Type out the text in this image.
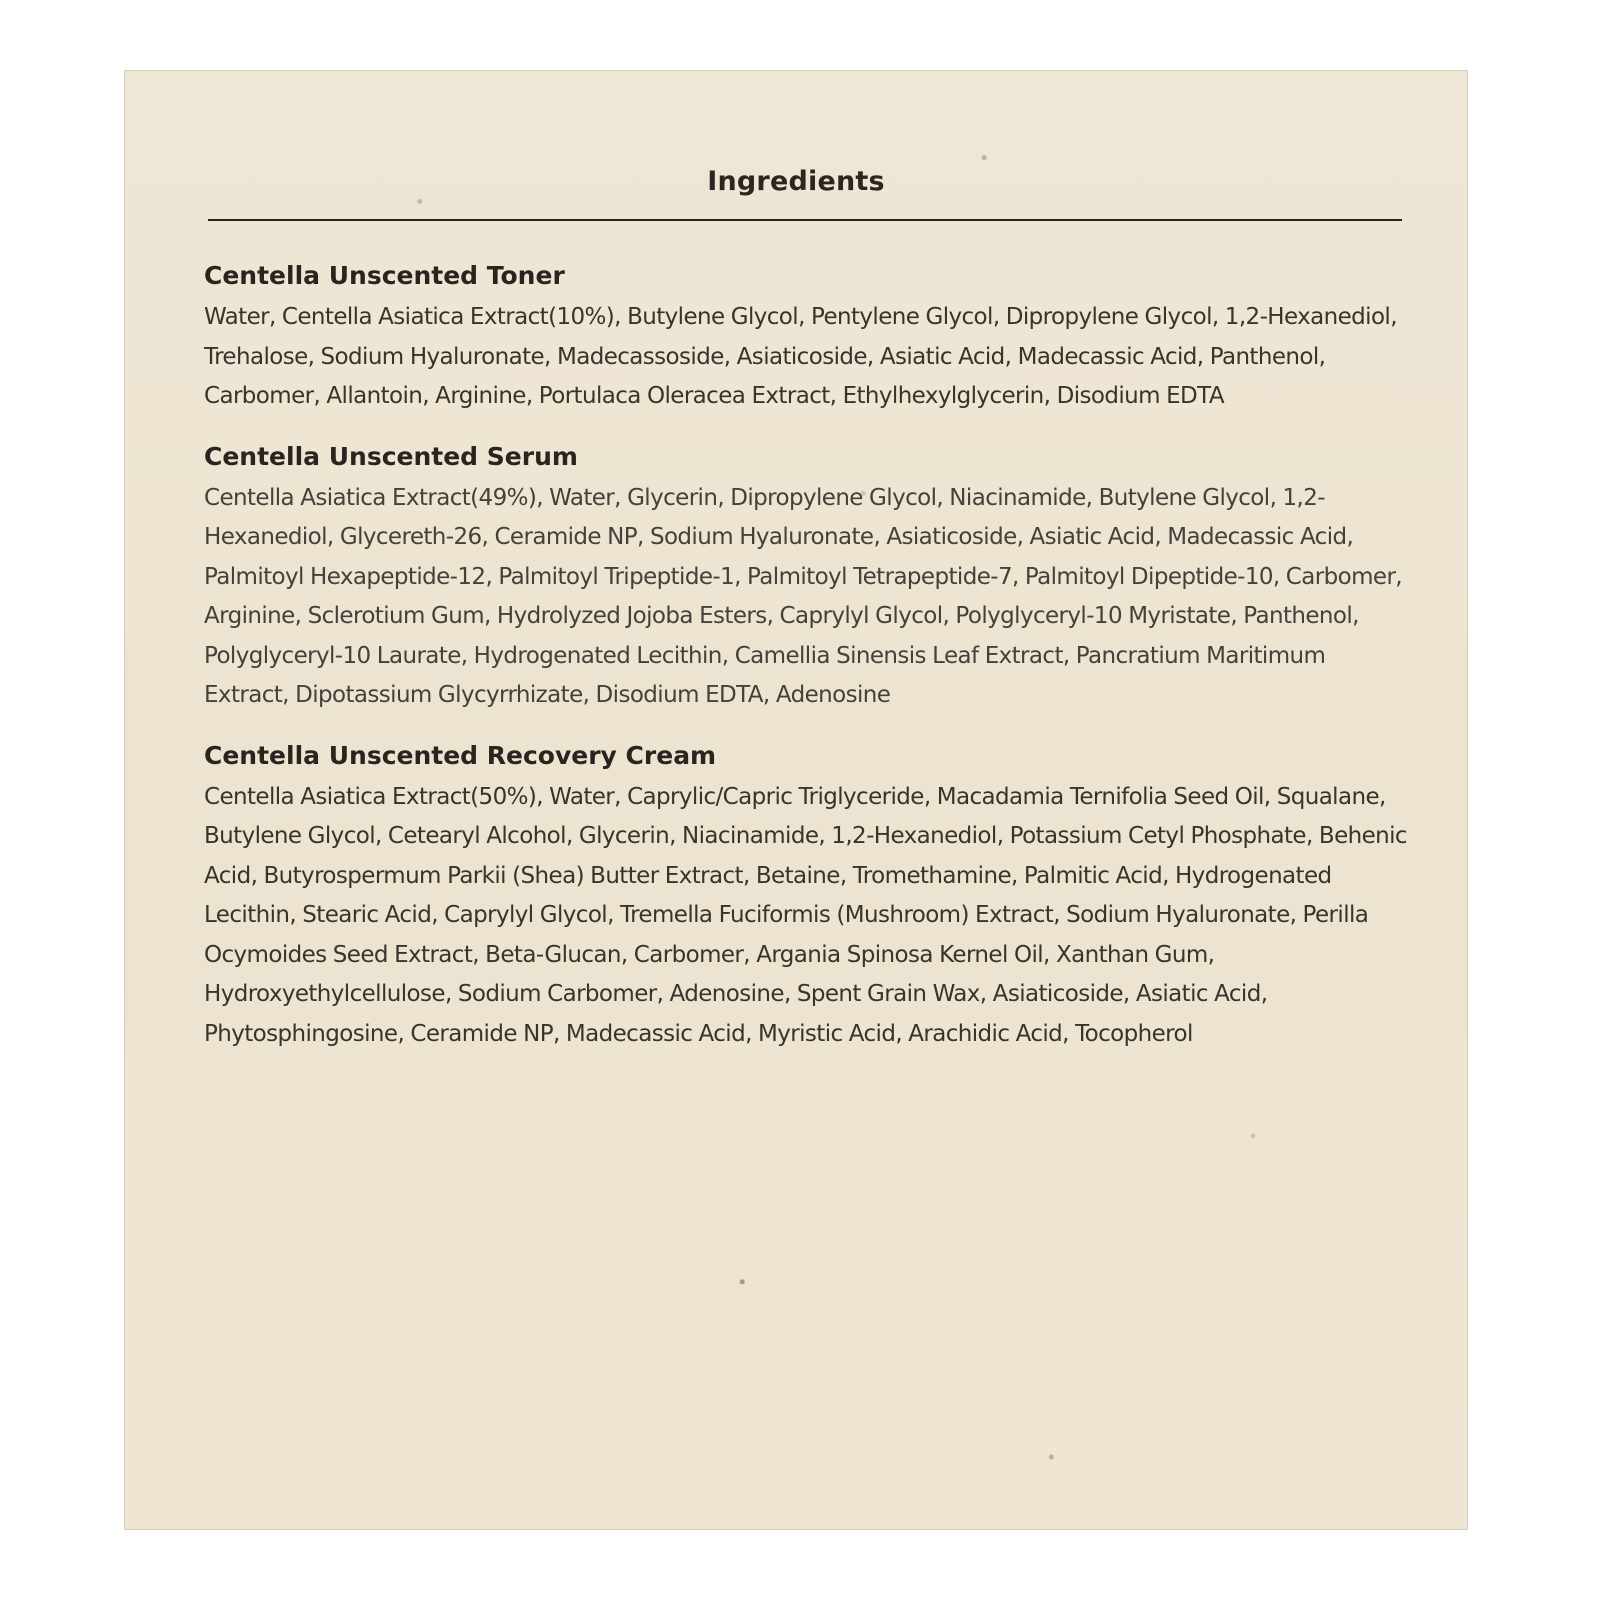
Ingredients
Centella Unscented Toner

Water, Centella Asiatica Extract(10%), Butylene Glycol, Pentylene Glycol, Dipropylene Glycol, 1,2-Hexanediol, Trehalose, Sodium Hyaluronate, Madecassoside, Asiaticoside, Asiatic Acid, Madecassic Acid, Panthenol, Carbomer, Allantoin, Arginine, Portulaca Oleracea Extract, Ethylhexylglycerin, Disodium EDTA

Centella Unscented Serum

Centella Asiatica Extract(49%), Water, Glycerin, Dipropylene Glycol, Niacinamide, Butylene Glycol, 1,2-Hexanediol, Glycereth-26, Ceramide NP, Sodium Hyaluronate, Asiaticoside, Asiatic Acid, Madecassic Acid, Palmitoyl Hexapeptide-12, Palmitoyl Tripeptide-1, Palmitoyl Tetrapeptide-7, Palmitoyl Dipeptide-10, Carbomer, Arginine, Sclerotium Gum, Hydrolyzed Jojoba Esters, Caprylyl Glycol, Polyglyceryl-10 Myristate, Panthenol, Polyglyceryl-10 Laurate, Hydrogenated Lecithin, Camellia Sinensis Leaf Extract, Pancratium Maritimum Extract, Dipotassium Glycyrrhizate, Disodium EDTA, Adenosine

Centella Unscented Recovery Cream

Centella Asiatica Extract(50%), Water, Caprylic/Capric Triglyceride, Macadamia Ternifolia Seed Oil, Squalane, Butylene Glycol, Cetearyl Alcohol, Glycerin, Niacinamide, 1,2-Hexanediol, Potassium Cetyl Phosphate, Behenic Acid, Butyrospermum Parkii (Shea) Butter Extract, Betaine, Tromethamine, Palmitic Acid, Hydrogenated Lecithin, Stearic Acid, Caprylyl Glycol, Tremella Fuciformis (Mushroom) Extract, Sodium Hyaluronate, Perilla Ocymoides Seed Extract, Beta-Glucan, Carbomer, Argania Spinosa Kernel Oil, Xanthan Gum, Hydroxyethylcellulose, Sodium Carbomer, Adenosine, Spent Grain Wax, Asiaticoside, Asiatic Acid, Phytosphingosine, Ceramide NP, Madecassic Acid, Myristic Acid, Arachidic Acid, Tocopherol
